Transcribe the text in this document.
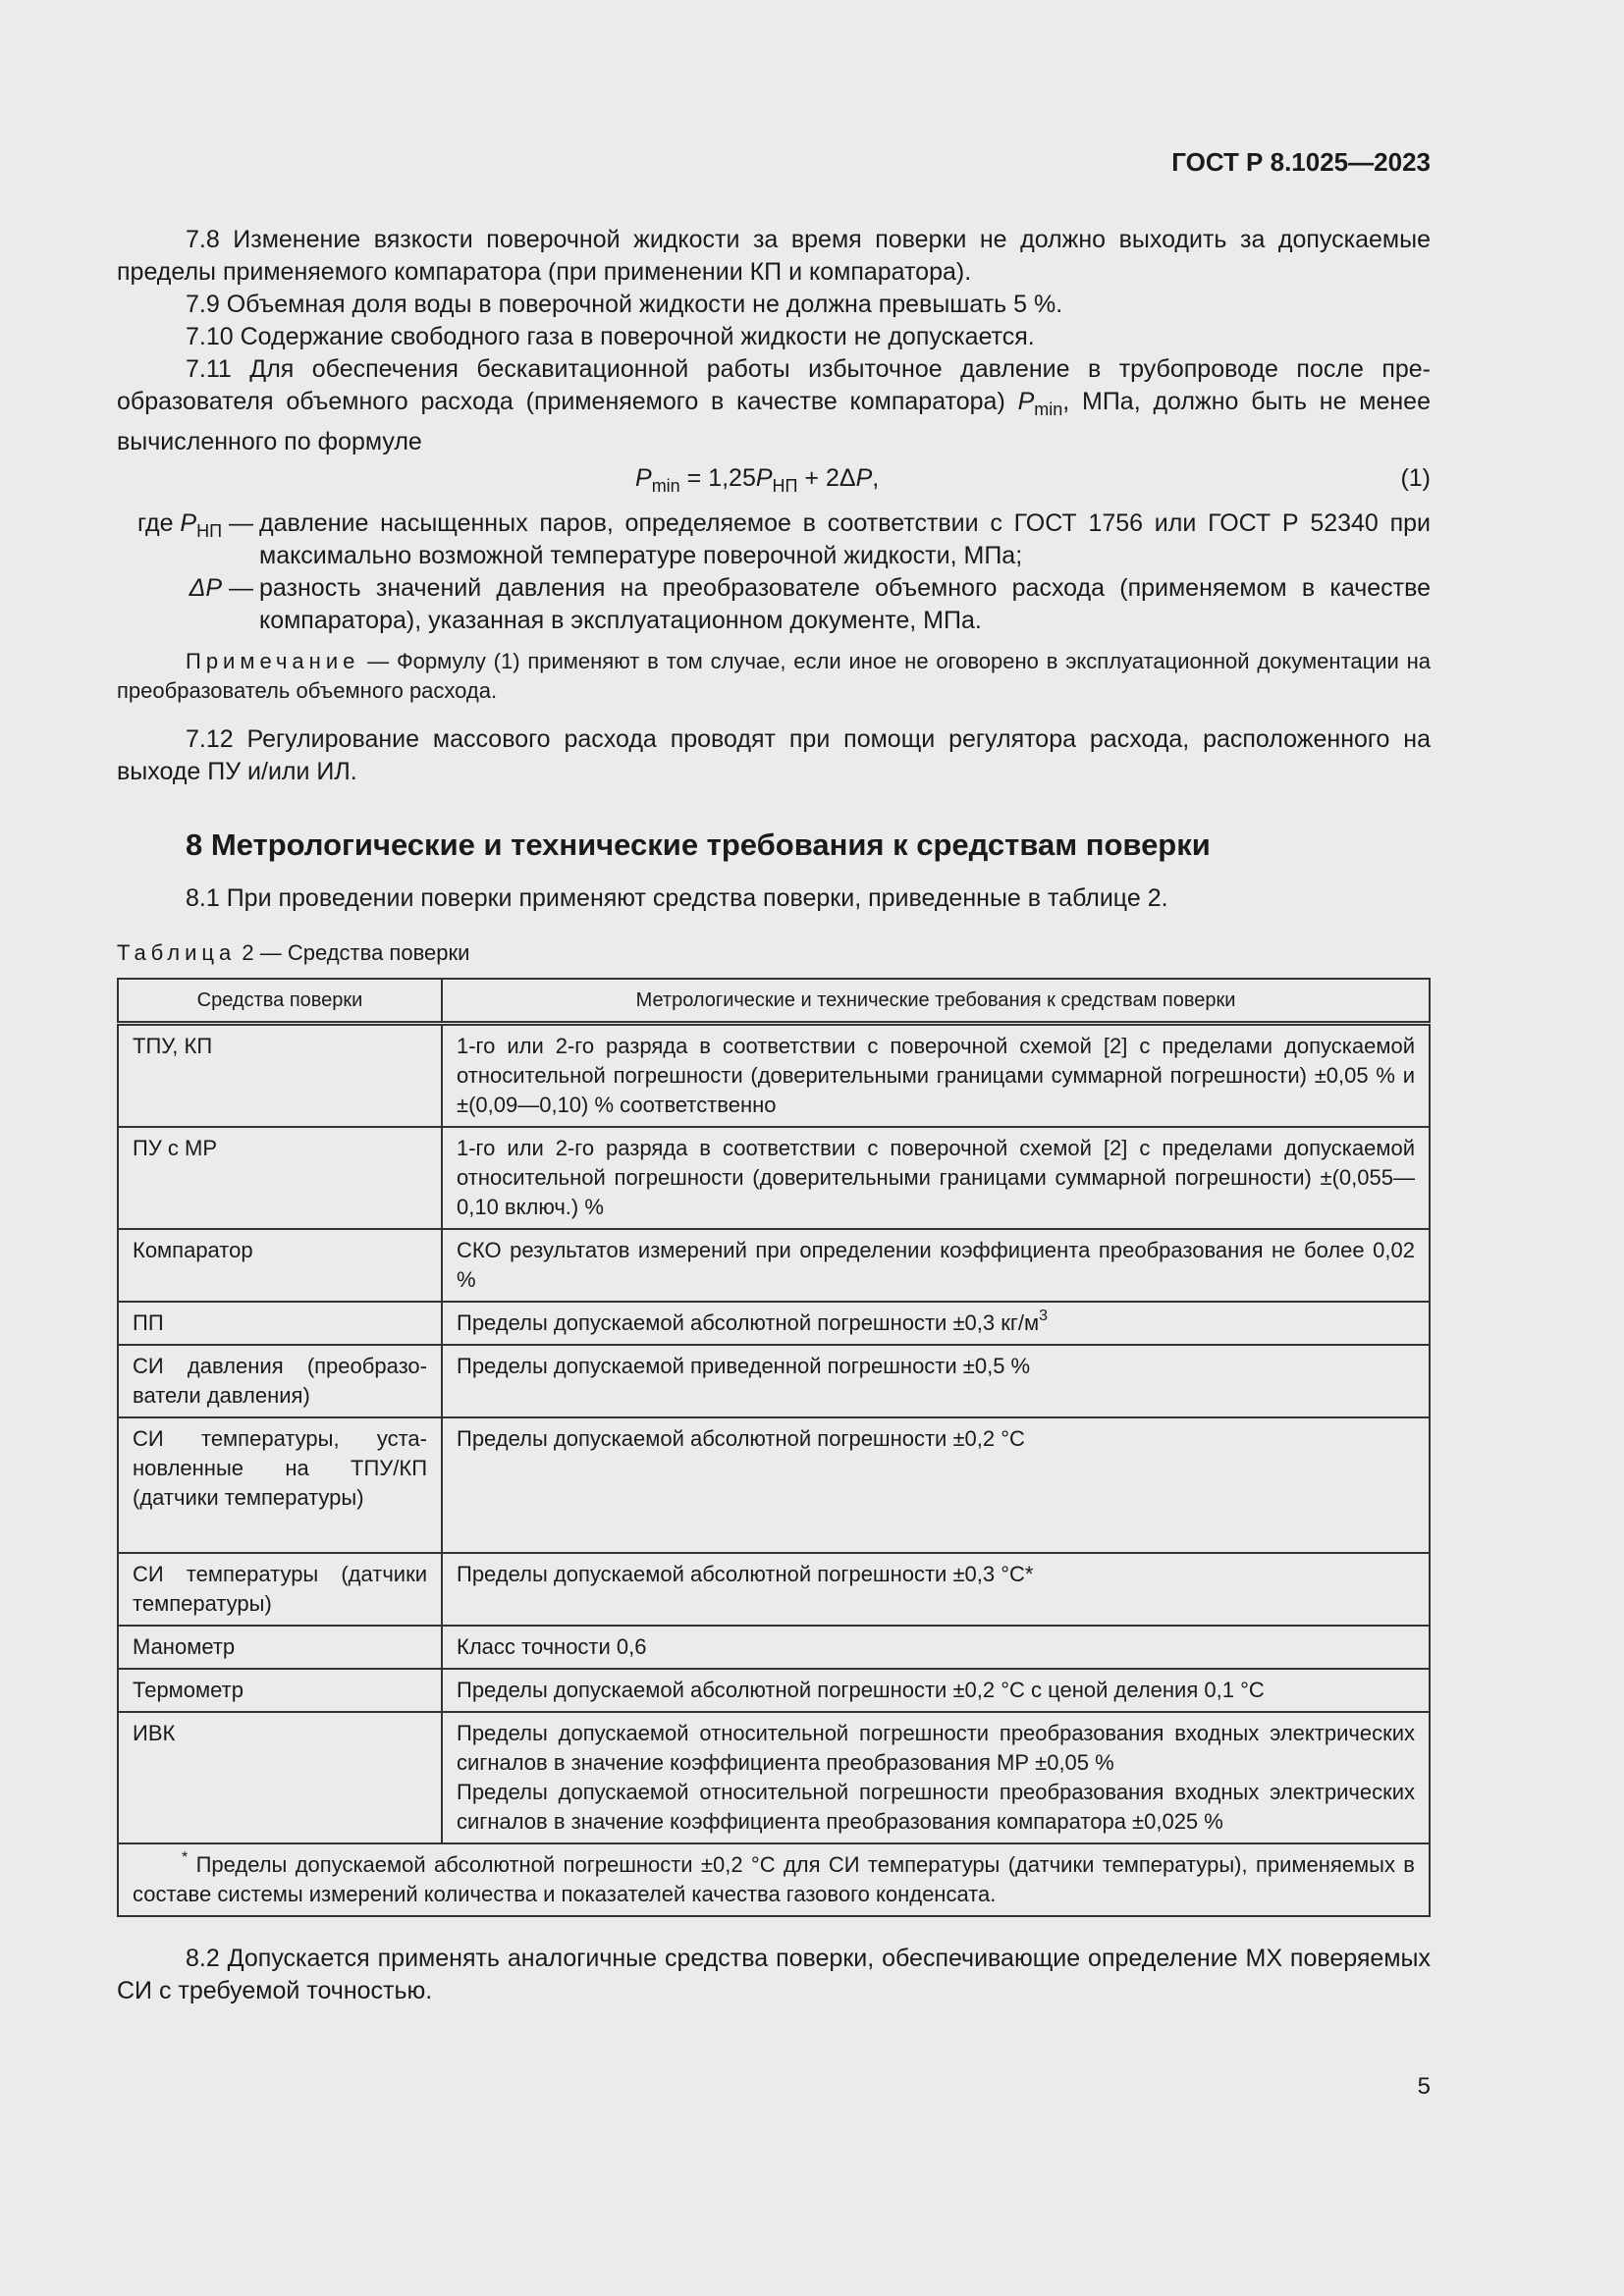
ГОСТ Р 8.1025—2023

7.8 Изменение вязкости поверочной жидкости за время поверки не должно выходить за допускаемые пределы применяемого компаратора (при применении КП и компаратора).

7.9 Объемная доля воды в поверочной жидкости не должна превышать 5 %.

7.10 Содержание свободного газа в поверочной жидкости не допускается.

7.11 Для обеспечения бескавитационной работы избыточное давление в трубопроводе после преобразователя объемного расхода (применяемого в качестве компаратора) $P_{min}$, МПа, должно быть не менее вычисленного по формуле

$P_{min} = 1,25P_{НП} + 2\Delta P$,	(1)
где $P_{НП}$ — давление насыщенных паров, определяемое в соответствии с ГОСТ 1756 или ГОСТ Р 52340 при максимально возможной температуре поверочной жидкости, МПа;
ΔP — разность значений давления на преобразователе объемного расхода (применяемом в качестве компаратора), указанная в эксплуатационном документе, МПа.

Примечание — Формулу (1) применяют в том случае, если иное не оговорено в эксплуатационной документации на преобразователь объемного расхода.

7.12 Регулирование массового расхода проводят при помощи регулятора расхода, расположенного на выходе ПУ и/или ИЛ.

8 Метрологические и технические требования к средствам поверки

8.1 При проведении поверки применяют средства поверки, приведенные в таблице 2.

Таблица 2 — Средства поверки

Средства поверки	Метрологические и технические требования к средствам поверки
ТПУ, КП	1-го или 2-го разряда в соответствии с поверочной схемой [2] с пределами допускаемой относительной погрешности (доверительными границами суммарной погрешности) ±0,05 % и ±(0,09—0,10) % соответственно
ПУ с МР	1-го или 2-го разряда в соответствии с поверочной схемой [2] с пределами допускаемой относительной погрешности (доверительными границами суммарной погрешности) ±(0,055—0,10 включ.) %
Компаратор	СКО результатов измерений при определении коэффициента преобразования не более 0,02 %
ПП	Пределы допускаемой абсолютной погрешности ±0,3 $кг/м^3$
СИ давления (преобразователи давления)	Пределы допускаемой приведенной погрешности ±0,5 %
СИ температуры, установленные на ТПУ/КП (датчики температуры)	Пределы допускаемой абсолютной погрешности ±0,2 °С
СИ температуры (датчики температуры)	Пределы допускаемой абсолютной погрешности ±0,3 °С*
Манометр	Класс точности 0,6
Термометр	Пределы допускаемой абсолютной погрешности ±0,2 °С с ценой деления 0,1 °С
ИВК	Пределы допускаемой относительной погрешности преобразования входных электрических сигналов в значение коэффициента преобразования МР ±0,05 %
Пределы допускаемой относительной погрешности преобразования входных электрических сигналов в значение коэффициента преобразования компаратора ±0,025 %

* Пределы допускаемой абсолютной погрешности ±0,2 °С для СИ температуры (датчики температуры), применяемых в составе системы измерений количества и показателей качества газового конденсата.	

8.2 Допускается применять аналогичные средства поверки, обеспечивающие определение МХ поверяемых СИ с требуемой точностью.

5
